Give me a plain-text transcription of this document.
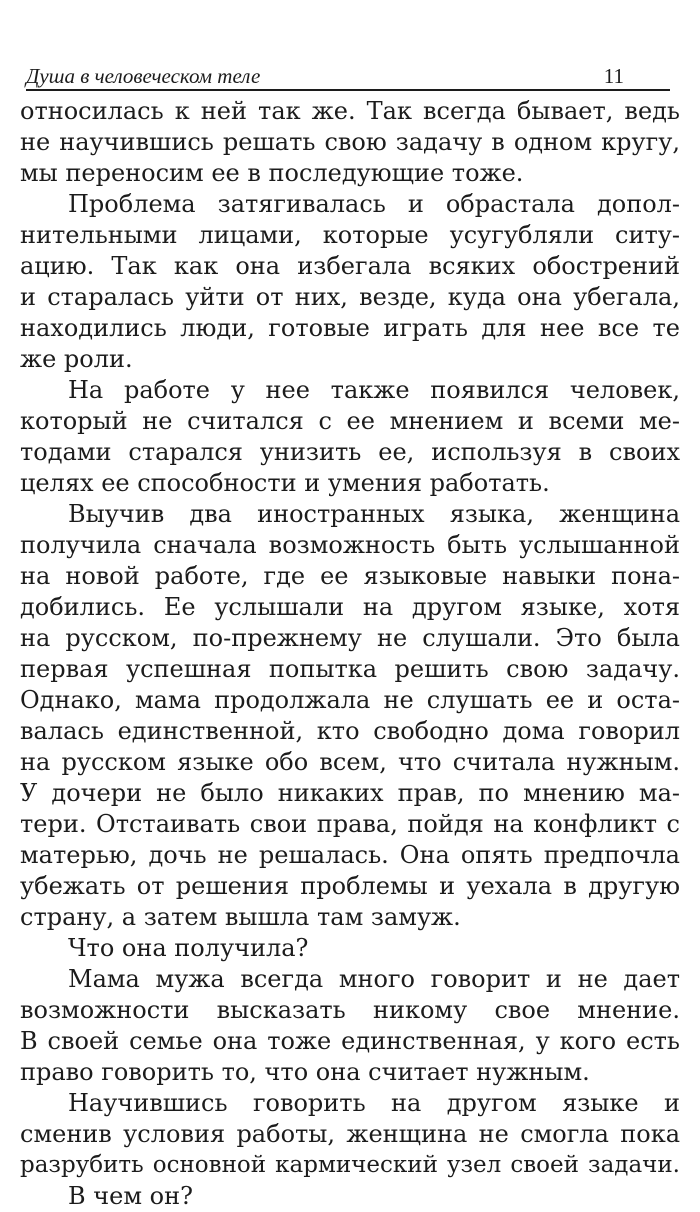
Душа в человеческом теле	11
относилась к ней так же. Так всегда бывает, ведь
не научившись решать свою задачу в одном кругу,
мы переносим ее в последующие тоже.
Проблема затягивалась и обрастала допол-
нительными лицами, которые усугубляли ситу-
ацию. Так как она избегала всяких обострений
и старалась уйти от них, везде, куда она убегала,
находились люди, готовые играть для нее все те
же роли.
На работе у нее также появился человек,
который не считался с ее мнением и всеми ме-
тодами старался унизить ее, используя в своих
целях ее способности и умения работать.
Выучив два иностранных языка, женщина
получила сначала возможность быть услышанной
на новой работе, где ее языковые навыки пона-
добились. Ее услышали на другом языке, хотя
на русском, по-прежнему не слушали. Это была
первая успешная попытка решить свою задачу.
Однако, мама продолжала не слушать ее и оста-
валась единственной, кто свободно дома говорил
на русском языке обо всем, что считала нужным.
У дочери не было никаких прав, по мнению ма-
тери. Отстаивать свои права, пойдя на конфликт с
матерью, дочь не решалась. Она опять предпочла
убежать от решения проблемы и уехала в другую
страну, а затем вышла там замуж.
Что она получила?
Мама мужа всегда много говорит и не дает
возможности высказать никому свое мнение.
В своей семье она тоже единственная, у кого есть
право говорить то, что она считает нужным.
Научившись говорить на другом языке и
сменив условия работы, женщина не смогла пока
разрубить основной кармический узел своей задачи.
В чем он?
